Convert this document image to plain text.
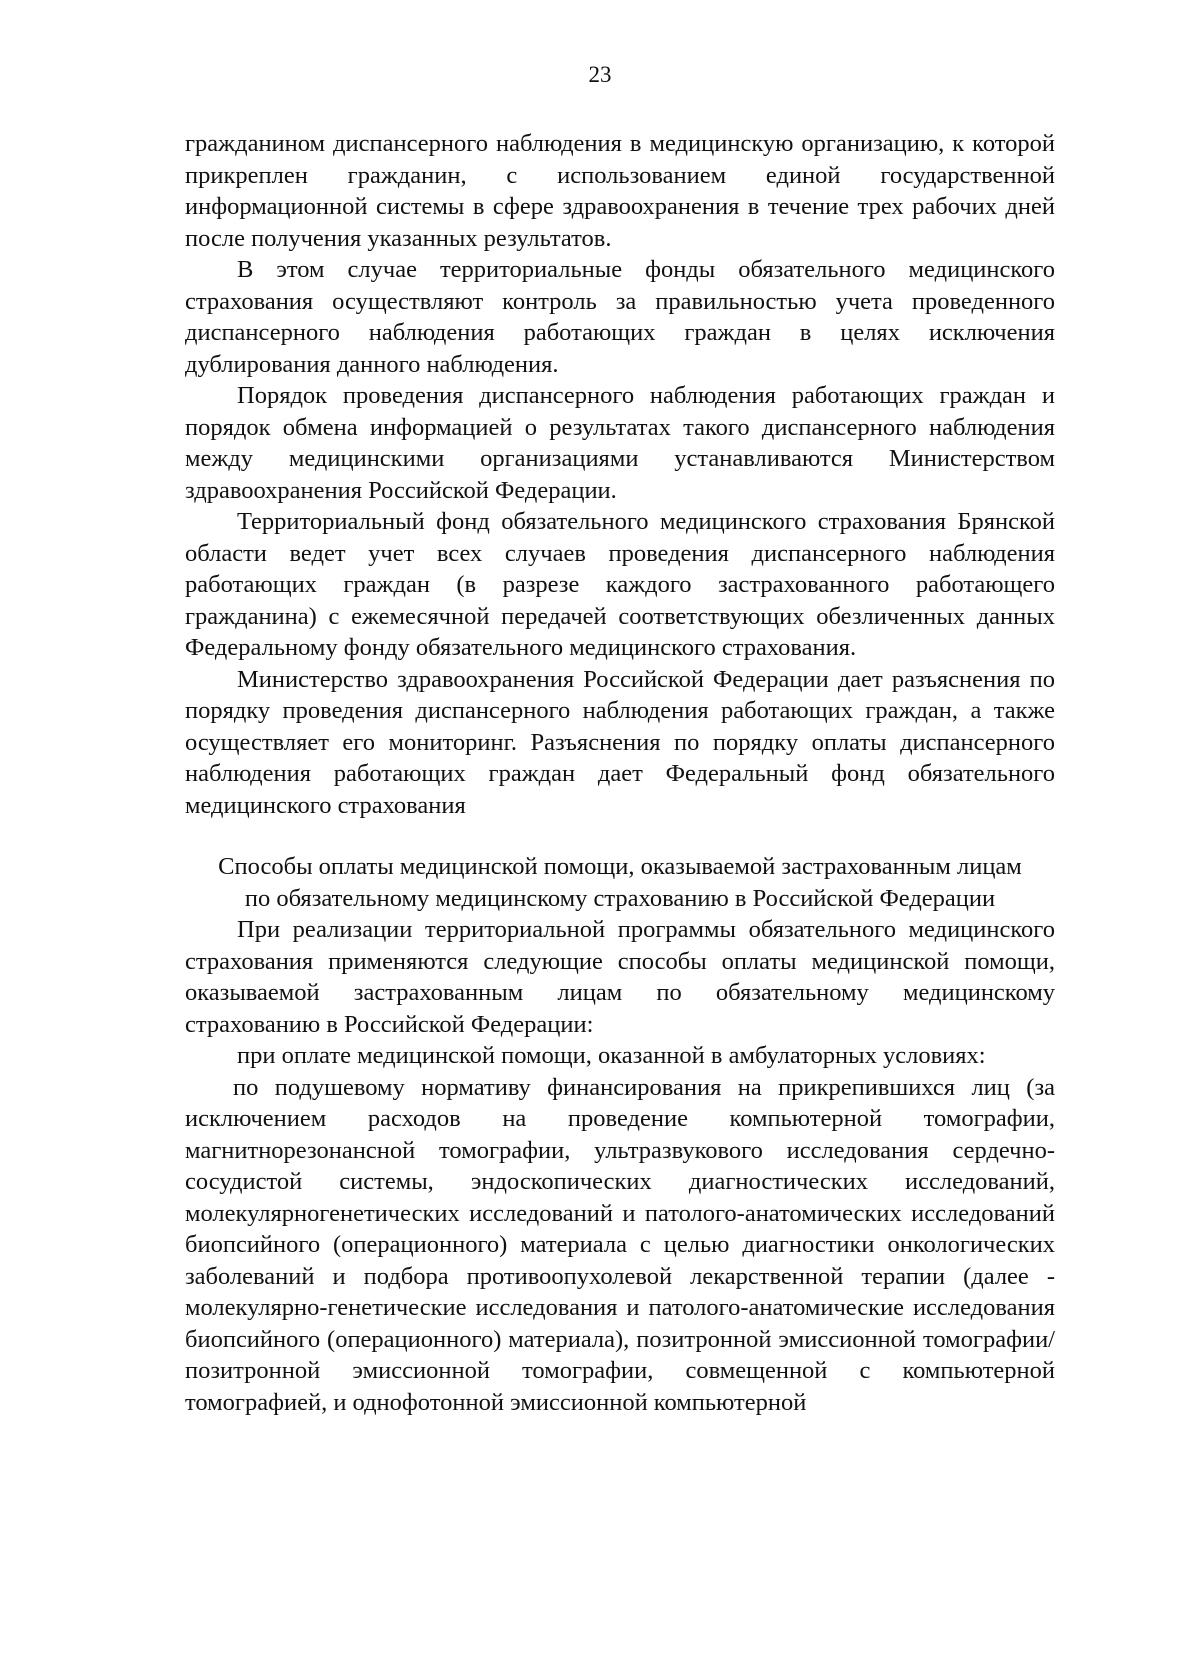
23

гражданином диспансерного наблюдения в медицинскую организацию, к которой прикреплен гражданин, с использованием единой государственной информационной системы в сфере здравоохранения в течение трех рабочих дней после получения указанных результатов.

В этом случае территориальные фонды обязательного медицинского страхования осуществляют контроль за правильностью учета проведенного диспансерного наблюдения работающих граждан в целях исключения дублирования данного наблюдения.

Порядок проведения диспансерного наблюдения работающих граждан и порядок обмена информацией о результатах такого диспансерного наблюдения между медицинскими организациями устанавливаются Министерством здравоохранения Российской Федерации.

Территориальный фонд обязательного медицинского страхования Брянской области ведет учет всех случаев проведения диспансерного наблюдения работающих граждан (в разрезе каждого застрахованного работающего гражданина) с ежемесячной передачей соответствующих обезличенных данных Федеральному фонду обязательного медицинского страхования.

Министерство здравоохранения Российской Федерации дает разъяснения по порядку проведения диспансерного наблюдения работающих граждан, а также осуществляет его мониторинг. Разъяснения по порядку оплаты диспансерного наблюдения работающих граждан дает Федеральный фонд обязательного медицинского страхования

Способы оплаты медицинской помощи, оказываемой застрахованным лицам по обязательному медицинскому страхованию в Российской Федерации

При реализации территориальной программы обязательного медицинского страхования применяются следующие способы оплаты медицинской помощи, оказываемой застрахованным лицам по обязательному медицинскому страхованию в Российской Федерации:

при оплате медицинской помощи, оказанной в амбулаторных условиях:

по подушевому нормативу финансирования на прикрепившихся лиц (за исключением расходов на проведение компьютерной томографии, магнитнорезонансной томографии, ультразвукового исследования сердечно-сосудистой системы, эндоскопических диагностических исследований, молекулярногенетических исследований и патолого-анатомических исследований биопсийного (операционного) материала с целью диагностики онкологических заболеваний и подбора противоопухолевой лекарственной терапии (далее - молекулярно-генетические исследования и патолого-анатомические исследования биопсийного (операционного) материала), позитронной эмиссионной томографии/позитронной эмиссионной томографии, совмещенной с компьютерной томографией, и однофотонной эмиссионной компьютерной
